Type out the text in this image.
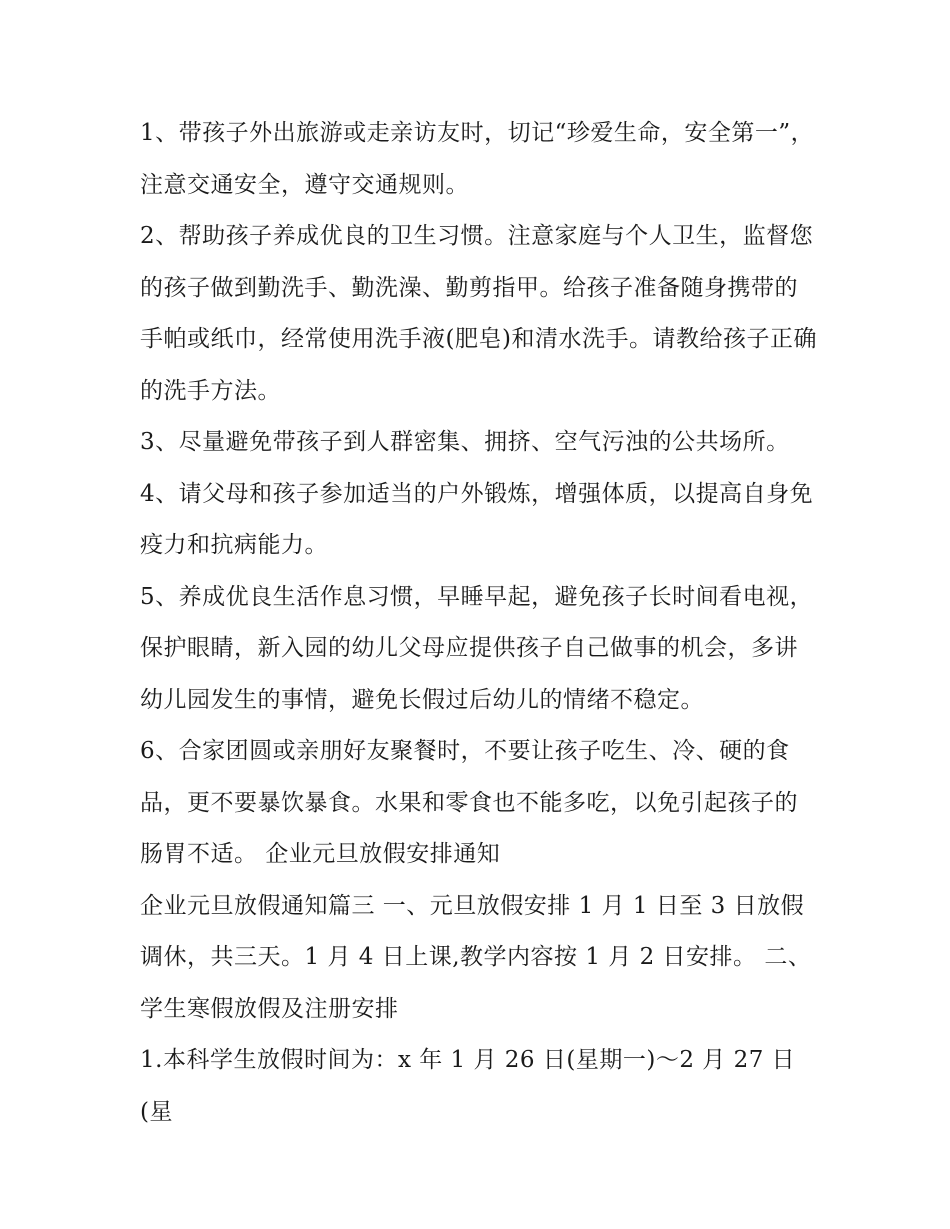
1、带孩子外出旅游或走亲访友时，切记“珍爱生命，安全第一”，注意交通安全，遵守交通规则。

2、帮助孩子养成优良的卫生习惯。注意家庭与个人卫生，监督您的孩子做到勤洗手、勤洗澡、勤剪指甲。给孩子准备随身携带的手帕或纸巾，经常使用洗手液(肥皂)和清水洗手。请教给孩子正确的洗手方法。

3、尽量避免带孩子到人群密集、拥挤、空气污浊的公共场所。 4、请父母和孩子参加适当的户外锻炼，增强体质，以提高自身免疫力和抗病能力。

5、养成优良生活作息习惯，早睡早起，避免孩子长时间看电视，保护眼睛，新入园的幼儿父母应提供孩子自己做事的机会，多讲幼儿园发生的事情，避免长假过后幼儿的情绪不稳定。

6、合家团圆或亲朋好友聚餐时，不要让孩子吃生、冷、硬的食品，更不要暴饮暴食。水果和零食也不能多吃，以免引起孩子的肠胃不适。 企业元旦放假安排通知

企业元旦放假通知篇三 一、元旦放假安排 1 月 1 日至 3 日放假调休，共三天。1 月 4 日上课,教学内容按 1 月 2 日安排。 二、学生寒假放假及注册安排

1.本科学生放假时间为：x 年 1 月 26 日(星期一)～2 月 27 日(星
